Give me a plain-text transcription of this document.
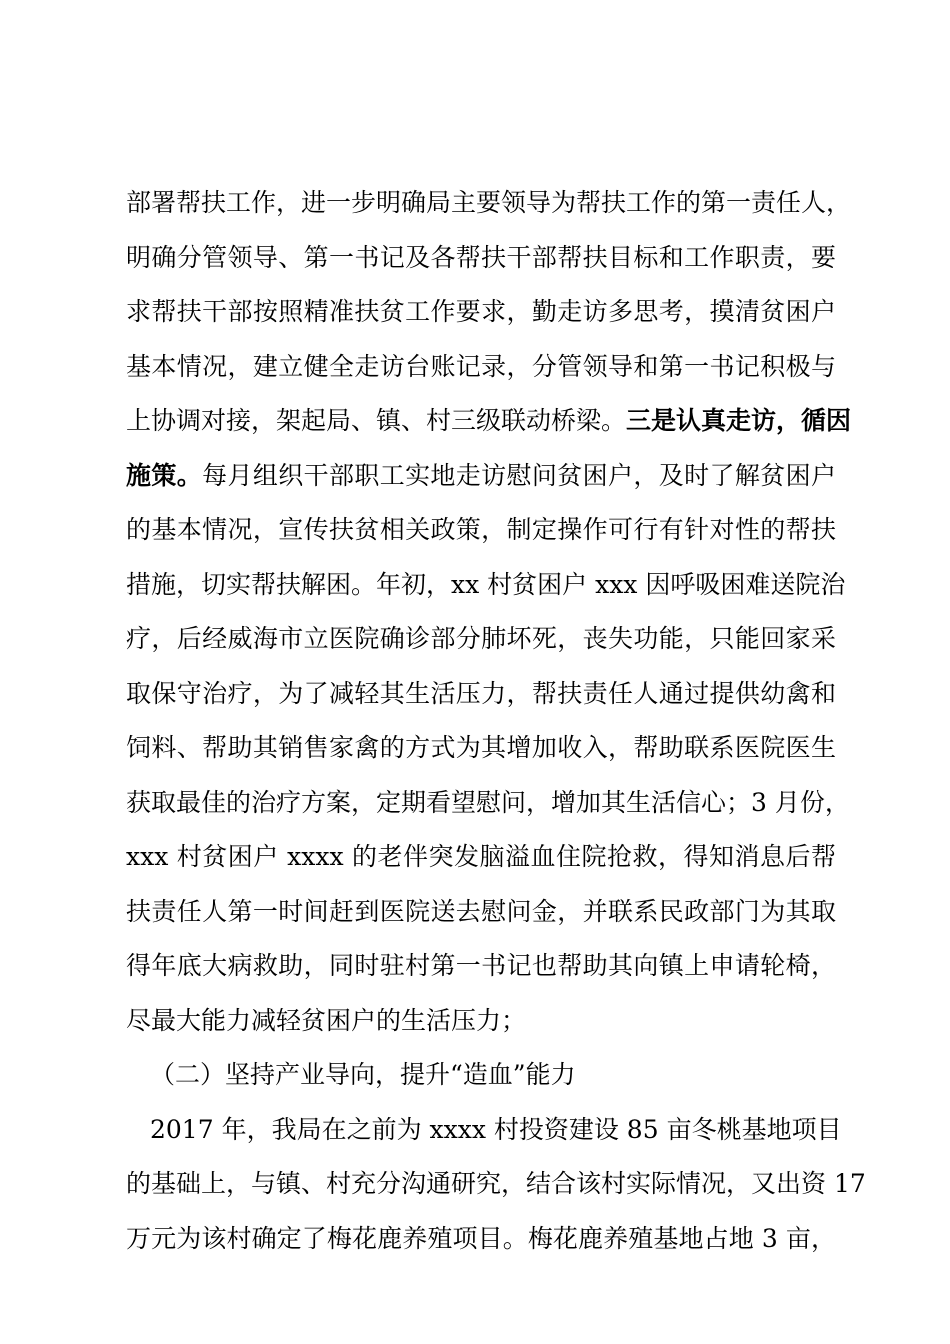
部署帮扶工作，进一步明确局主要领导为帮扶工作的第一责任人，
明确分管领导、第一书记及各帮扶干部帮扶目标和工作职责，要
求帮扶干部按照精准扶贫工作要求，勤走访多思考，摸清贫困户
基本情况，建立健全走访台账记录，分管领导和第一书记积极与
上协调对接，架起局、镇、村三级联动桥梁。三是认真走访，循因
施策。每月组织干部职工实地走访慰问贫困户，及时了解贫困户
的基本情况，宣传扶贫相关政策，制定操作可行有针对性的帮扶
措施，切实帮扶解困。年初，xx 村贫困户 xxx 因呼吸困难送院治
疗，后经威海市立医院确诊部分肺坏死，丧失功能，只能回家采
取保守治疗，为了减轻其生活压力，帮扶责任人通过提供幼禽和
饲料、帮助其销售家禽的方式为其增加收入，帮助联系医院医生
获取最佳的治疗方案，定期看望慰问，增加其生活信心；3 月份，
xxx 村贫困户 xxxx 的老伴突发脑溢血住院抢救，得知消息后帮
扶责任人第一时间赶到医院送去慰问金，并联系民政部门为其取
得年底大病救助，同时驻村第一书记也帮助其向镇上申请轮椅，
尽最大能力减轻贫困户的生活压力；
（二）坚持产业导向，提升“造血”能力
2017 年，我局在之前为 xxxx 村投资建设 85 亩冬桃基地项目
的基础上，与镇、村充分沟通研究，结合该村实际情况，又出资 17
万元为该村确定了梅花鹿养殖项目。梅花鹿养殖基地占地 3 亩，
